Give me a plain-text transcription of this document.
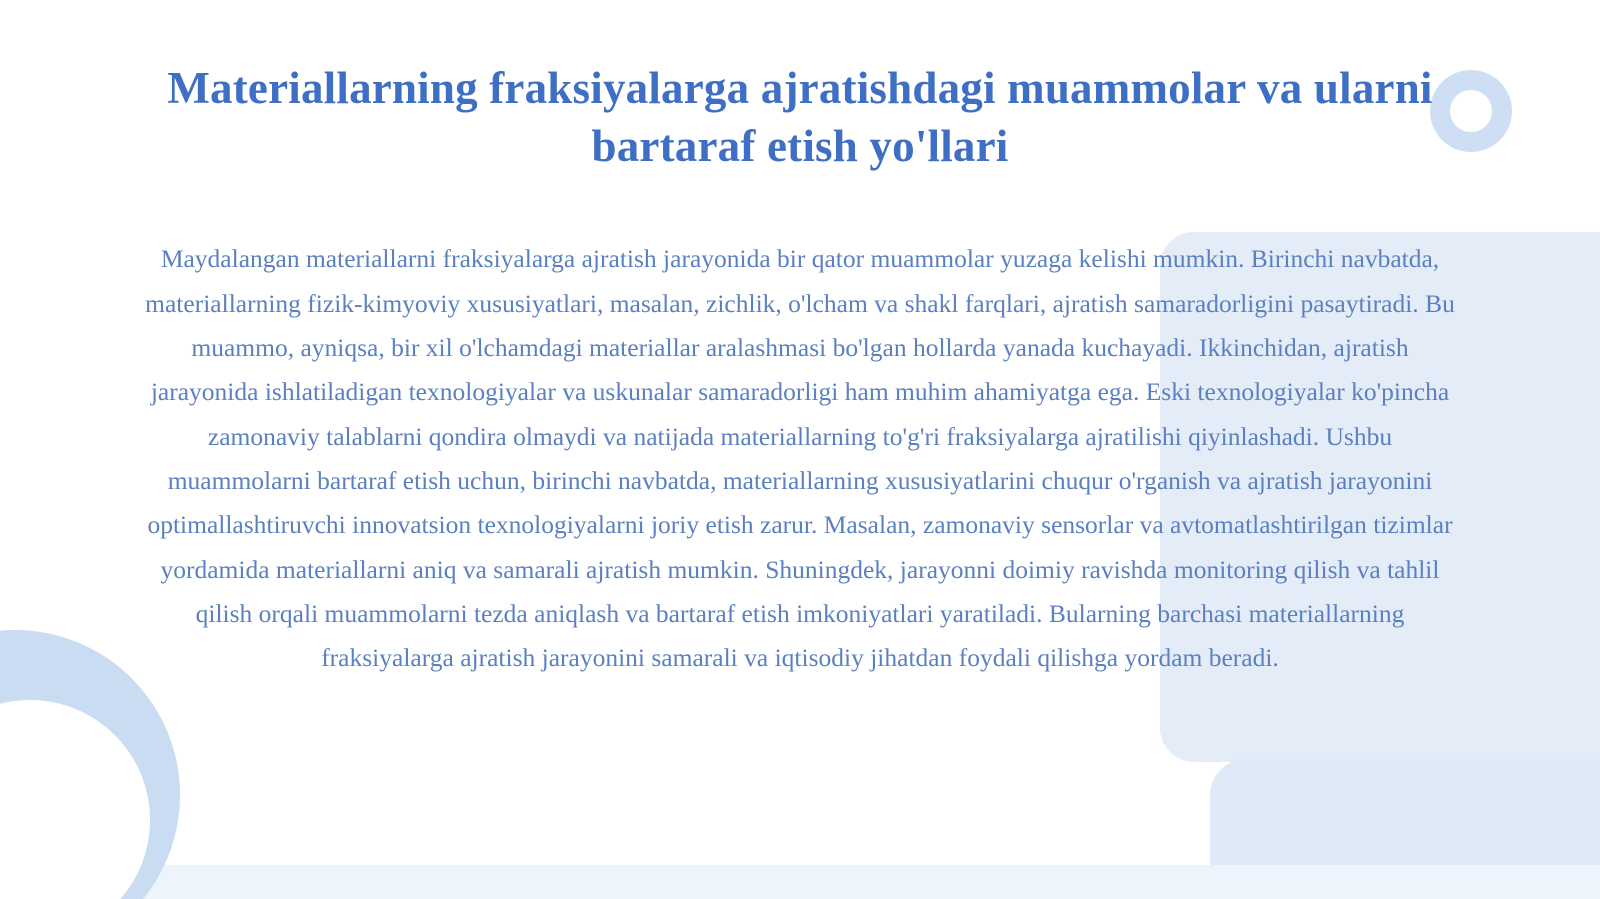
Materiallarning fraksiyalarga ajratishdagi muammolar va ularni bartaraf etish yo'llari

Maydalangan materiallarni fraksiyalarga ajratish jarayonida bir qator muammolar yuzaga kelishi mumkin. Birinchi navbatda, materiallarning fizik-kimyoviy xususiyatlari, masalan, zichlik, o'lcham va shakl farqlari, ajratish samaradorligini pasaytiradi. Bu muammo, ayniqsa, bir xil o'lchamdagi materiallar aralashmasi bo'lgan hollarda yanada kuchayadi. Ikkinchidan, ajratish jarayonida ishlatiladigan texnologiyalar va uskunalar samaradorligi ham muhim ahamiyatga ega. Eski texnologiyalar ko'pincha zamonaviy talablarni qondira olmaydi va natijada materiallarning to'g'ri fraksiyalarga ajratilishi qiyinlashadi. Ushbu muammolarni bartaraf etish uchun, birinchi navbatda, materiallarning xususiyatlarini chuqur o'rganish va ajratish jarayonini optimallashtiruvchi innovatsion texnologiyalarni joriy etish zarur. Masalan, zamonaviy sensorlar va avtomatlashtirilgan tizimlar yordamida materiallarni aniq va samarali ajratish mumkin. Shuningdek, jarayonni doimiy ravishda monitoring qilish va tahlil qilish orqali muammolarni tezda aniqlash va bartaraf etish imkoniyatlari yaratiladi. Bularning barchasi materiallarning fraksiyalarga ajratish jarayonini samarali va iqtisodiy jihatdan foydali qilishga yordam beradi.
